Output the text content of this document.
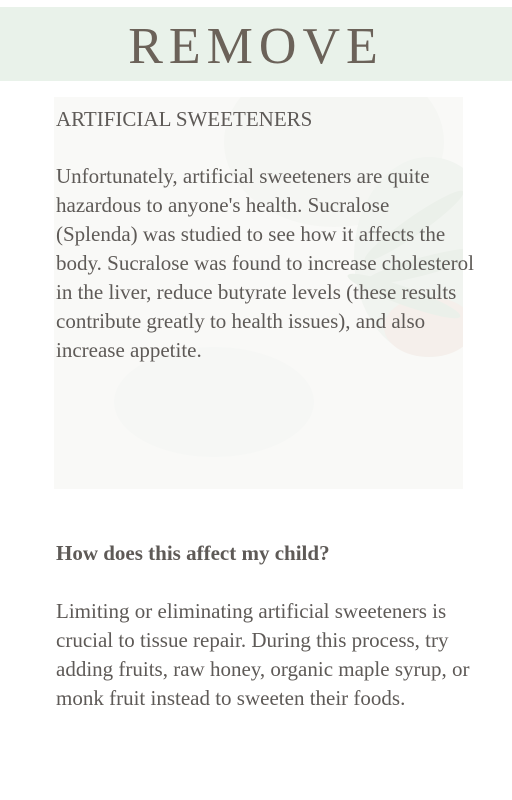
REMOVE
ARTIFICIAL SWEETENERS
Unfortunately, artificial sweeteners are quite hazardous to anyone's health. Sucralose (Splenda) was studied to see how it affects the body. Sucralose was found to increase cholesterol in the liver, reduce butyrate levels (these results contribute greatly to health issues), and also increase appetite.
How does this affect my child?
Limiting or eliminating artificial sweeteners is crucial to tissue repair. During this process, try adding fruits, raw honey, organic maple syrup, or monk fruit instead to sweeten their foods.
